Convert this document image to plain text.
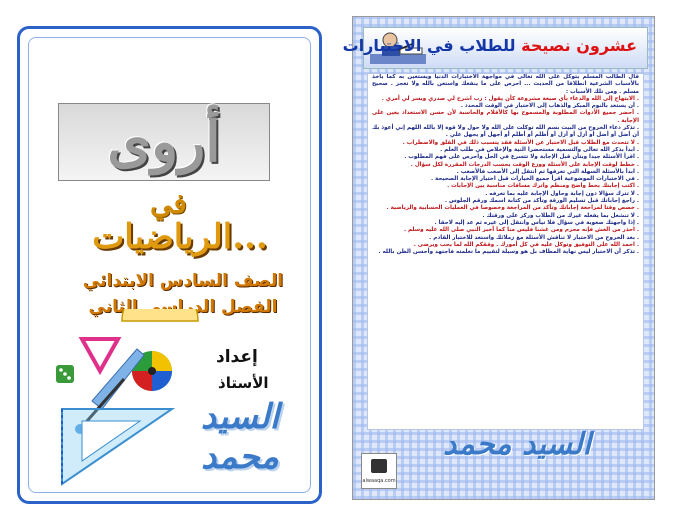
أروى
في
الرياضيات...
الصف السادس الابتدائي
الفصل الدراسي الثاني
إعداد
الأستاذ
السيد محمد
عشرون نصيحة للطلاب في الاختبارات

قال الطالب المسلم يتوكل على الله تعالى في مواجهة الاختبارات الدنيا ويستعين به كما يأخذ بالأسباب الشرعية انطلاقا من الحديث ... احرص على ما ينفعك واستعن بالله ولا تعجز . صحيح مسلم . ومن تلك الأسباب :

. الابتهاج إلى الله والدعاء بأي صيغة مشروعة كأن يقول : رب اشرح لي صدري ويسر لي أمري .

. أن يستعد بالنوم المبكر والذهاب إلى الاختبار في الوقت المحدد .

. أحضر جميع الأدوات المطلوبة والمسموح بها كالأقلام والحاسبة لأن حسن الاستعداد يعين على الإجابة .

. تذكر دعاء الخروج من البيت بسم الله توكلت على الله ولا حول ولا قوة إلا بالله اللهم إني أعوذ بك أن أضل أو أضل أو أزل أو أزل أو أظلم أو أظلم أو أجهل أو يجهل علي .

. لا تتحدث مع الطلاب قبل الاختبار عن الأسئلة فقد يتسبب ذلك في القلق والاضطراب .

. ابدأ بذكر الله تعالى والتسمية مستحضرا النية والإخلاص في طلب العلم .

. اقرأ الأسئلة جيدا وبتأن قبل الإجابة ولا تتسرع في الحل واحرص على فهم المطلوب .

. خطط لوقت الإجابة على الأسئلة ووزع الوقت بحسب الدرجات المقررة لكل سؤال .

. ابدأ بالأسئلة السهلة التي تعرفها ثم انتقل إلى الأصعب فالأصعب .

. في الاختبارات الموضوعية اقرأ جميع الخيارات قبل اختيار الإجابة الصحيحة .

. اكتب إجابتك بخط واضح ومنظم واترك مسافات مناسبة بين الإجابات .

. لا تترك سؤالا دون إجابة وحاول الإجابة عليه بما تعرفه .

. راجع إجاباتك قبل تسليم الورقة وتأكد من كتابة اسمك ورقم الجلوس .

. خصص وقتا لمراجعة إجاباتك وتأكد من المراجعة وخصوصا في العمليات الحسابية والرياضية .

. لا تنشغل بما يفعله غيرك من الطلاب وركز على ورقتك .

. إذا واجهتك صعوبة في سؤال فلا تيأس وانتقل إلى غيره ثم عد إليه لاحقا .

. احذر من الغش فإنه محرم ومن غشنا فليس منا كما أخبر النبي صلى الله عليه وسلم .

. بعد الخروج من الاختبار لا تناقش الأسئلة مع زملائك واستعد للاختبار القادم .

. احمد الله على التوفيق وتوكل عليه في كل أمورك . وفقكم الله لما يحب ويرضى .

. تذكر أن الاختبار ليس نهاية المطاف بل هو وسيلة لتقييم ما تعلمته فاجتهد وأحسن الظن بالله .

alwaaqa.com
السيد محمد
